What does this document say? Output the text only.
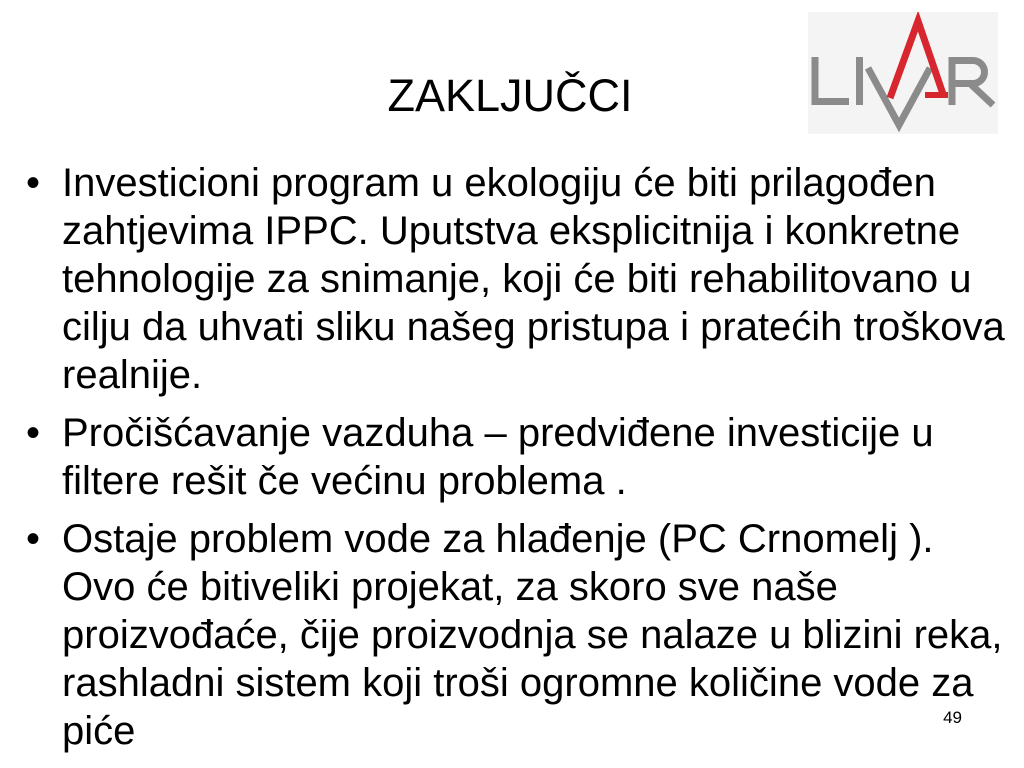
ZAKLJUČCI
• Investicioni program u ekologiju će biti prilagođen zahtjevima IPPC. Uputstva eksplicitnija i konkretne tehnologije za snimanje, koji će biti rehabilitovano u cilju da uhvati sliku našeg pristupa i pratećih troškova realnije.
• Pročišćavanje vazduha – predviđene investicije u filtere rešit če većinu problema .
• Ostaje problem vode za hlađenje (PC Crnomelj ). Ovo će bitiveliki projekat, za skoro sve naše proizvođaće, čije proizvodnja se nalaze u blizini reka, rashladni sistem koji troši ogromne količine vode za piće	49
